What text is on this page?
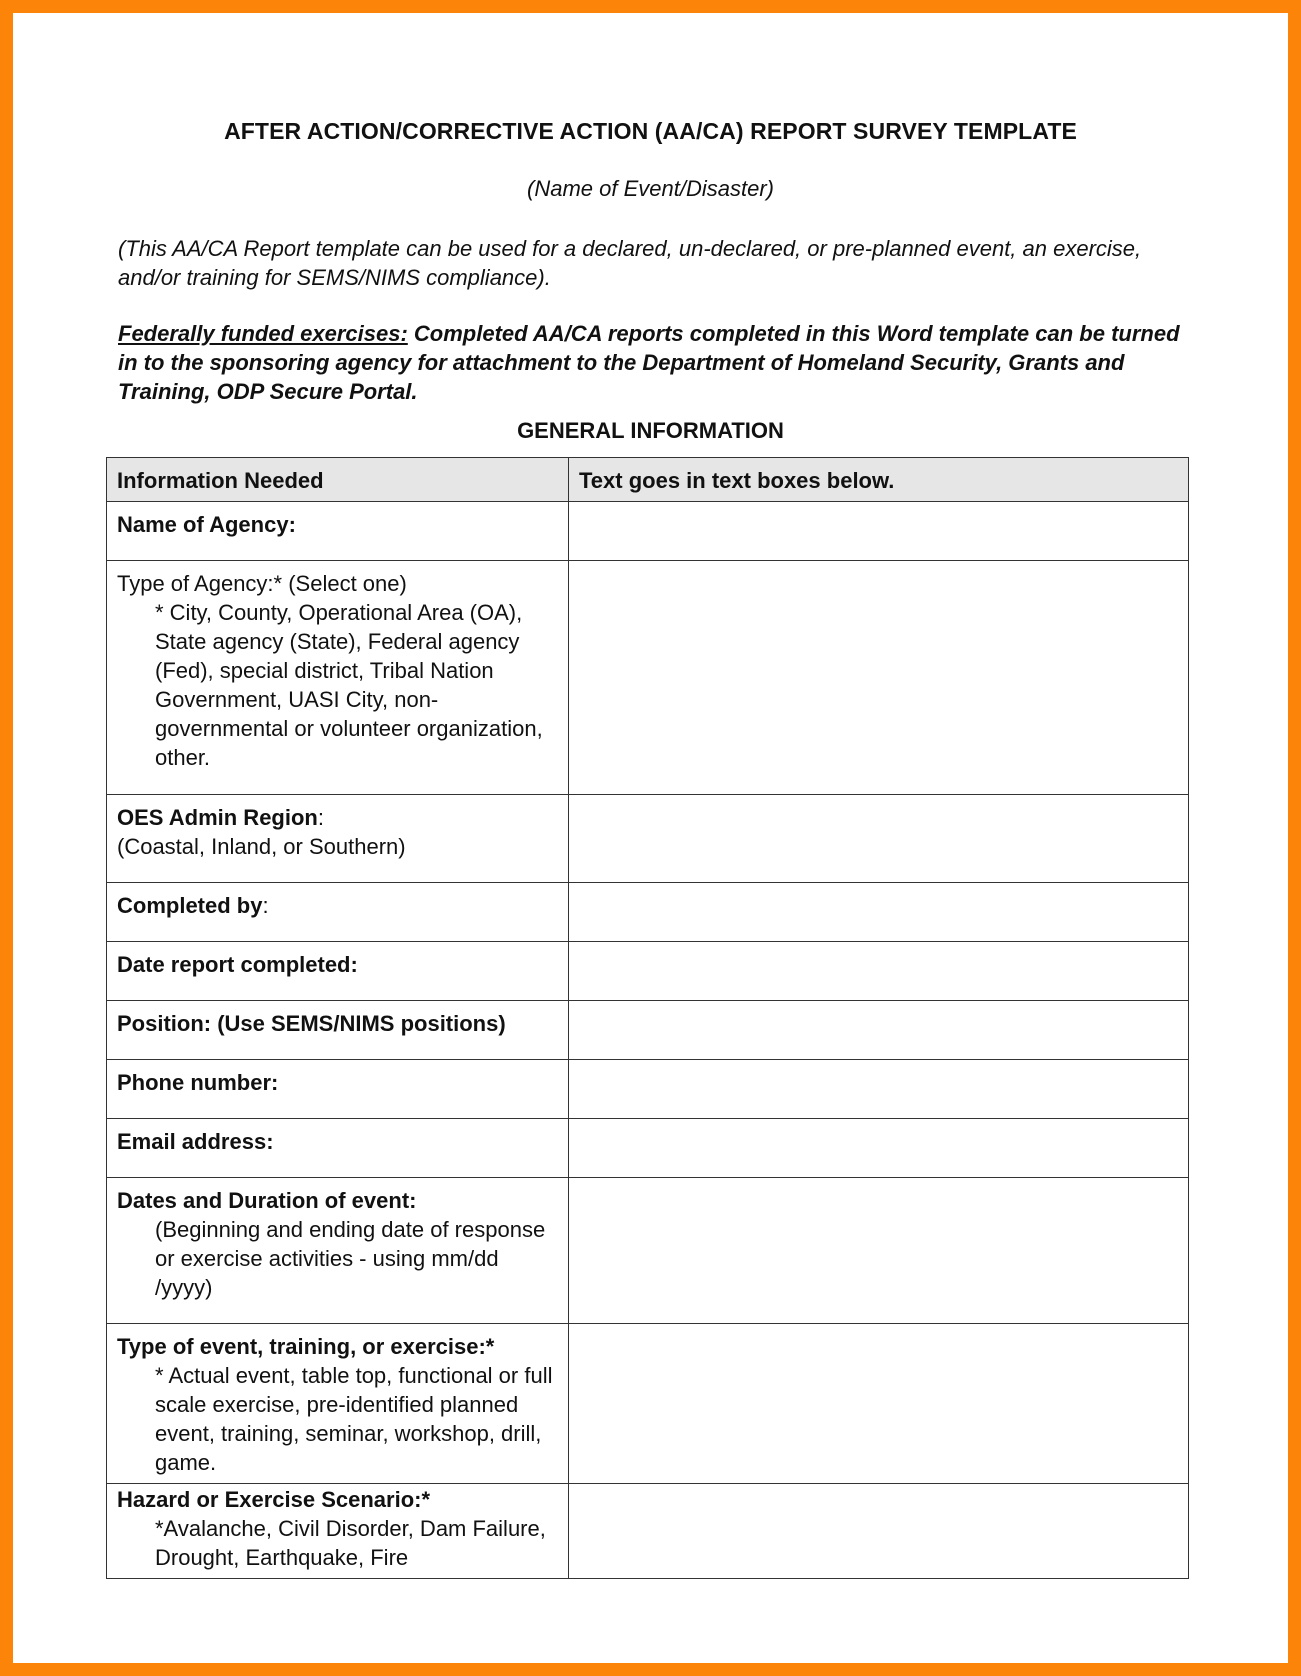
AFTER ACTION/CORRECTIVE ACTION (AA/CA) REPORT SURVEY TEMPLATE
(Name of Event/Disaster)
(This AA/CA Report template can be used for a declared, un-declared, or pre-planned event, an exercise, and/or training for SEMS/NIMS compliance).
Federally funded exercises: Completed AA/CA reports completed in this Word template can be turned in to the sponsoring agency for attachment to the Department of Homeland Security, Grants and Training, ODP Secure Portal.
GENERAL INFORMATION
Information Needed	Text goes in text boxes below.
Name of Agency:	
Type of Agency:* (Select one)
* City, County, Operational Area (OA), State agency (State), Federal agency (Fed), special district, Tribal Nation Government, UASI City, non-governmental or volunteer organization, other.	

OES Admin Region:
(Coastal, Inland, or Southern)	
Completed by:	
Date report completed:	
Position: (Use SEMS/NIMS positions)	
Phone number:	
Email address:	
Dates and Duration of event:
(Beginning and ending date of response or exercise activities - using mm/dd /yyyy)	

Type of event, training, or exercise:*
* Actual event, table top, functional or full scale exercise, pre-identified planned event, training, seminar, workshop, drill, game.	

Hazard or Exercise Scenario:*
*Avalanche, Civil Disorder, Dam Failure, Drought, Earthquake, Fire	
